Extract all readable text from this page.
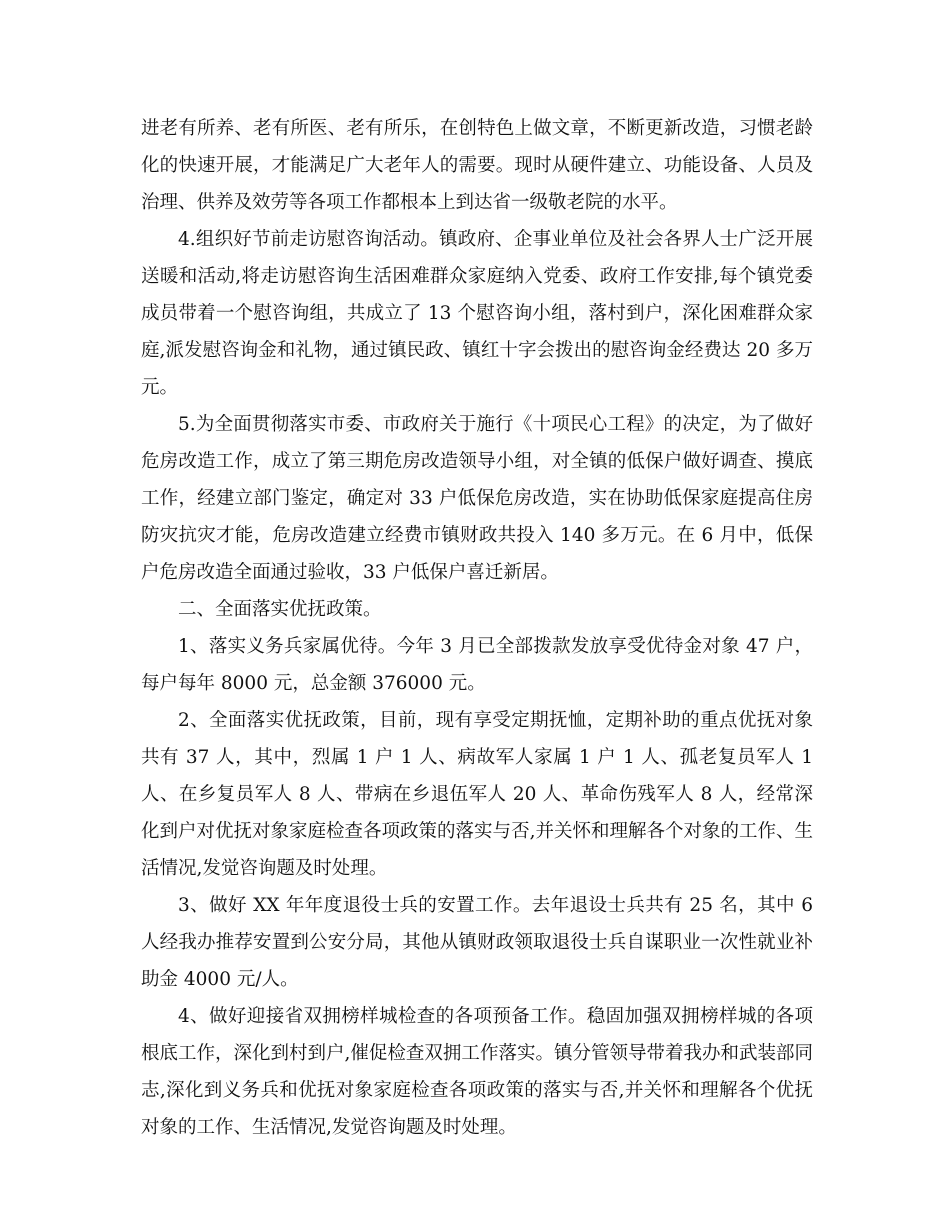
进老有所养、老有所医、老有所乐，在创特色上做文章，不断更新改造，习惯老龄化的快速开展，才能满足广大老年人的需要。现时从硬件建立、功能设备、人员及治理、供养及效劳等各项工作都根本上到达省一级敬老院的水平。

4.组织好节前走访慰咨询活动。镇政府、企事业单位及社会各界人士广泛开展送暖和活动,将走访慰咨询生活困难群众家庭纳入党委、政府工作安排,每个镇党委成员带着一个慰咨询组，共成立了 13 个慰咨询小组，落村到户，深化困难群众家庭,派发慰咨询金和礼物，通过镇民政、镇红十字会拨出的慰咨询金经费达 20 多万元。

5.为全面贯彻落实市委、市政府关于施行《十项民心工程》的决定，为了做好危房改造工作，成立了第三期危房改造领导小组，对全镇的低保户做好调查、摸底工作，经建立部门鉴定，确定对 33 户低保危房改造，实在协助低保家庭提高住房防灾抗灾才能，危房改造建立经费市镇财政共投入 140 多万元。在 6 月中，低保户危房改造全面通过验收，33 户低保户喜迁新居。

二、全面落实优抚政策。

1、落实义务兵家属优待。今年 3 月已全部拨款发放享受优待金对象 47 户，每户每年 8000 元，总金额 376000 元。

2、全面落实优抚政策，目前，现有享受定期抚恤，定期补助的重点优抚对象共有 37 人，其中，烈属 1 户 1 人、病故军人家属 1 户 1 人、孤老复员军人 1 人、在乡复员军人 8 人、带病在乡退伍军人 20 人、革命伤残军人 8 人，经常深化到户对优抚对象家庭检查各项政策的落实与否,并关怀和理解各个对象的工作、生活情况,发觉咨询题及时处理。

3、做好 XX 年年度退役士兵的安置工作。去年退设士兵共有 25 名，其中 6 人经我办推荐安置到公安分局，其他从镇财政领取退役士兵自谋职业一次性就业补助金 4000 元/人。

4、做好迎接省双拥榜样城检查的各项预备工作。稳固加强双拥榜样城的各项根底工作，深化到村到户,催促检查双拥工作落实。镇分管领导带着我办和武装部同志,深化到义务兵和优抚对象家庭检查各项政策的落实与否,并关怀和理解各个优抚对象的工作、生活情况,发觉咨询题及时处理。
